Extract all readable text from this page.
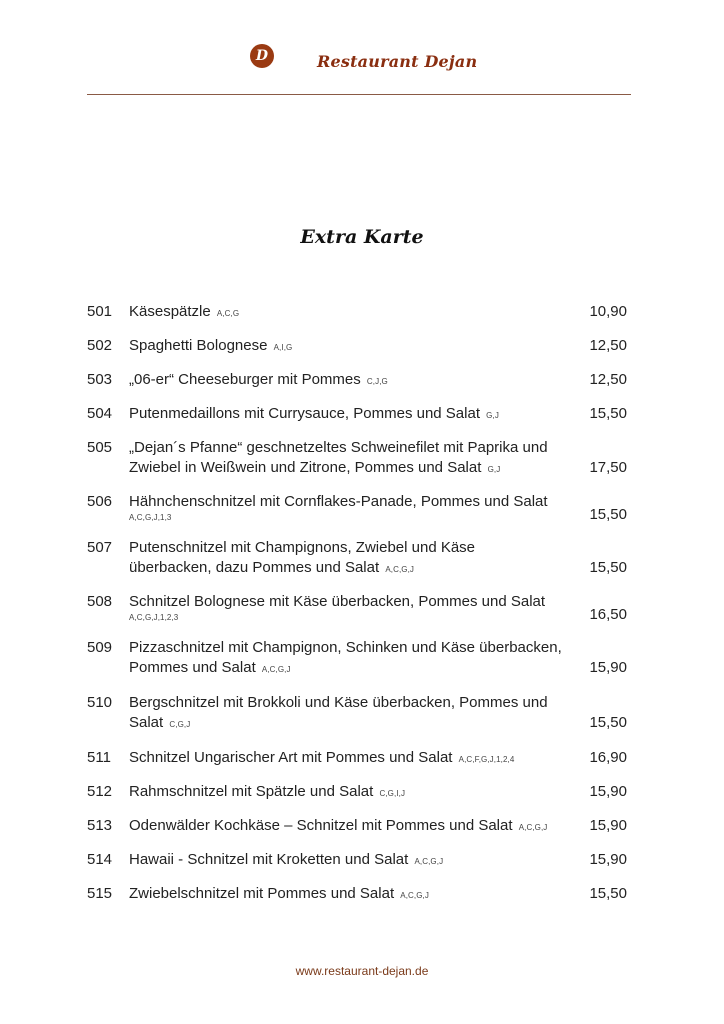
D	Restaurant Dejan
Extra Karte
501	Käsespätzle A,C,G	10,90
502	Spaghetti Bolognese A,I,G	12,50
503	„06-er“ Cheeseburger mit Pommes C,J,G	12,50
504	Putenmedaillons mit Currysauce, Pommes und Salat G,J	15,50
505	„Dejan´s Pfanne“ geschnetzeltes Schweinefilet mit Paprika und
Zwiebel in Weißwein und Zitrone, Pommes und Salat G,J	17,50
506	Hähnchenschnitzel mit Cornflakes-Panade, Pommes und Salat
A,C,G,J,1,3	15,50
507	Putenschnitzel mit Champignons, Zwiebel und Käse
überbacken, dazu Pommes und Salat A,C,G,J	15,50
508	Schnitzel Bolognese mit Käse überbacken, Pommes und Salat
A,C,G,J,1,2,3	16,50
509	Pizzaschnitzel mit Champignon, Schinken und Käse überbacken,
Pommes und Salat A,C,G,J	15,90
510	Bergschnitzel mit Brokkoli und Käse überbacken, Pommes und
Salat C,G,J	15,50
511	Schnitzel Ungarischer Art mit Pommes und Salat A,C,F,G,J,1,2,4	16,90
512	Rahmschnitzel mit Spätzle und Salat C,G,I,J	15,90
513	Odenwälder Kochkäse – Schnitzel mit Pommes und Salat A,C,G,J	15,90
514	Hawaii - Schnitzel mit Kroketten und Salat A,C,G,J	15,90
515	Zwiebelschnitzel mit Pommes und Salat A,C,G,J	15,50
www.restaurant-dejan.de
